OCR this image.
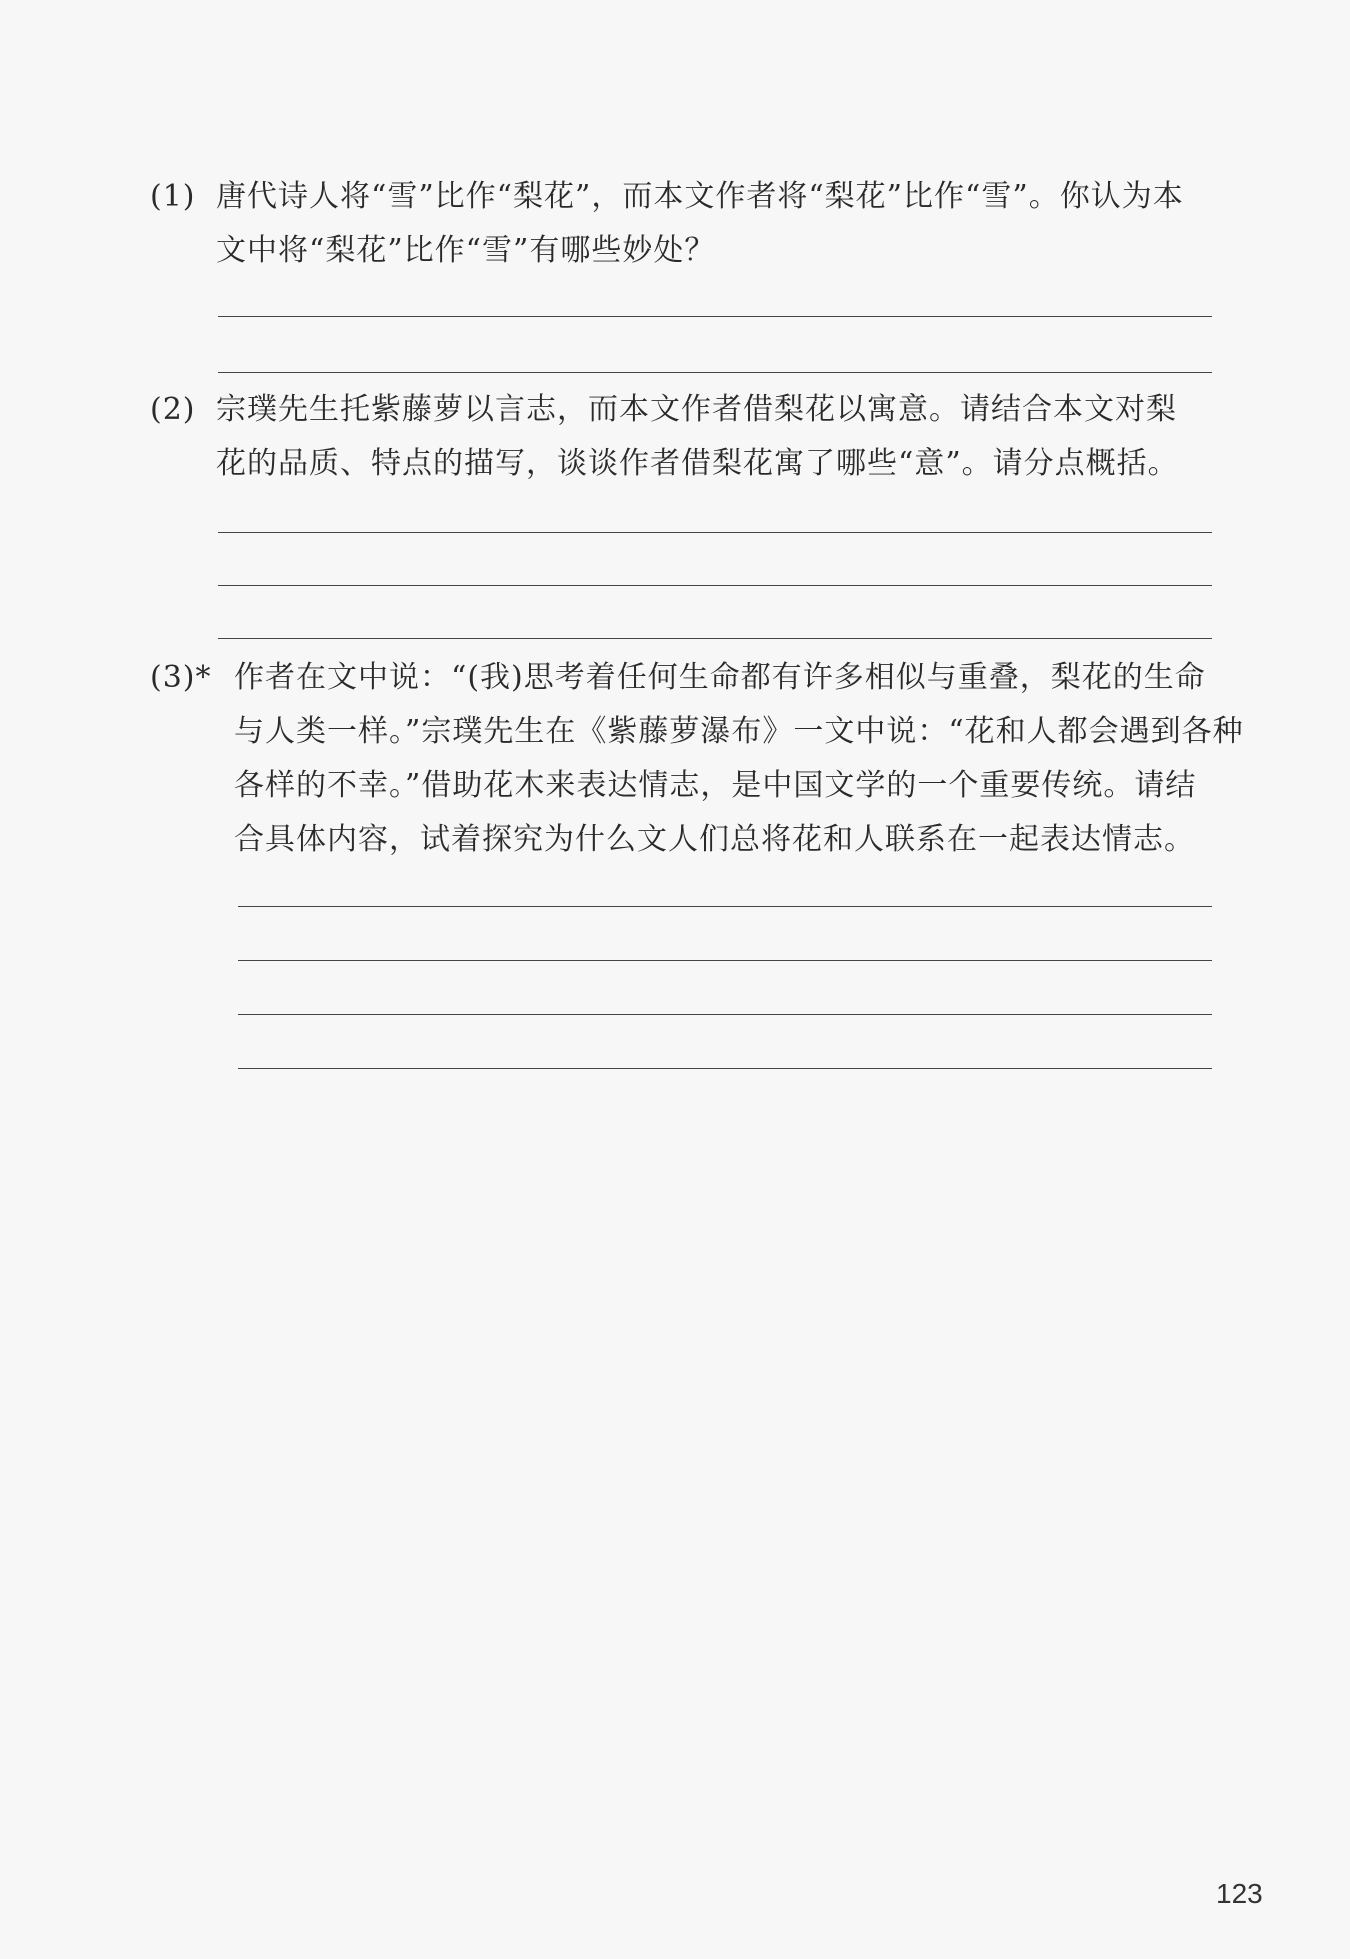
(1) 唐代诗人将“雪”比作“梨花”，而本文作者将“梨花”比作“雪”。你认为本
文中将“梨花”比作“雪”有哪些妙处？
(2) 宗璞先生托紫藤萝以言志，而本文作者借梨花以寓意。请结合本文对梨
花的品质、特点的描写，谈谈作者借梨花寓了哪些“意”。请分点概括。
(3)* 作者在文中说：“(我)思考着任何生命都有许多相似与重叠，梨花的生命
与人类一样。”宗璞先生在《紫藤萝瀑布》一文中说：“花和人都会遇到各种
各样的不幸。”借助花木来表达情志，是中国文学的一个重要传统。请结
合具体内容，试着探究为什么文人们总将花和人联系在一起表达情志。
123
